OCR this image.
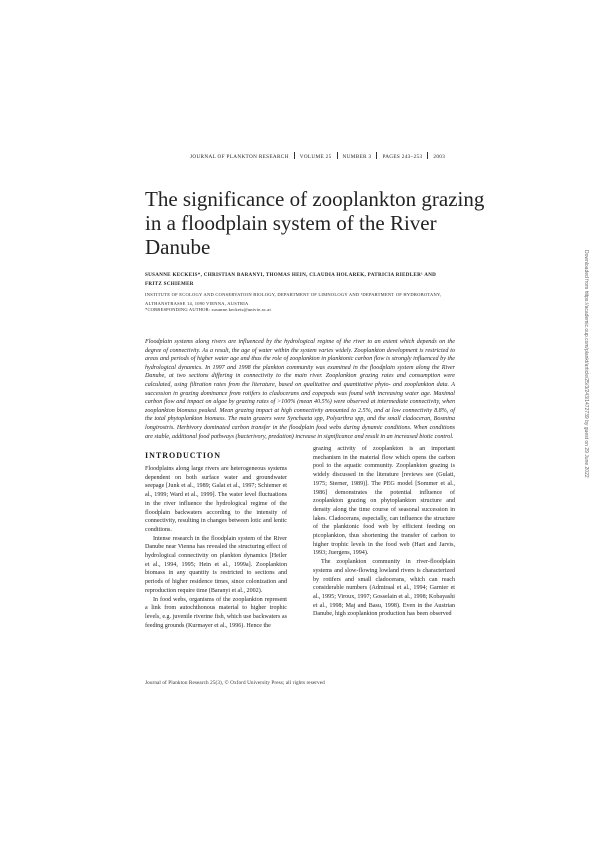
JOURNAL OF PLANKTON RESEARCH VOLUME 25 NUMBER 3 PAGES 243–253 2003
The significance of zooplankton grazing in a floodplain system of the River Danube
SUSANNE KECKEIS*, CHRISTIAN BARANYI, THOMAS HEIN, CLAUDIA HOLAREK, PATRICIA RIEDLER¹ AND FRITZ SCHIEMER
INSTITUTE OF ECOLOGY AND CONSERVATION BIOLOGY, DEPARTMENT OF LIMNOLOGY AND ¹DEPARTMENT OF HYDROBOTANY, ALTHANSTRASSE 14, 1090 VIENNA, AUSTRIA
*CORRESPONDING AUTHOR: susanne.keckeis@univie.ac.at
Floodplain systems along rivers are influenced by the hydrological regime of the river to an extent which depends on the degree of connectivity. As a result, the age of water within the system varies widely. Zooplankton development is restricted to areas and periods of higher water age and thus the role of zooplankton in planktonic carbon flow is strongly influenced by the hydrological dynamics. In 1997 and 1998 the plankton community was examined in the floodplain system along the River Danube, at two sections differing in connectivity to the main river. Zooplankton grazing rates and consumption were calculated, using filtration rates from the literature, based on qualitative and quantitative phyto- and zooplankton data. A succession in grazing dominance from rotifers to cladocerans and copepods was found with increasing water age. Maximal carbon flow and impact on algae by grazing rates of >100% (mean 40.5%) were observed at intermediate connectivity, when zooplankton biomass peaked. Mean grazing impact at high connectivity amounted to 2.5%, and at low connectivity 8.8%, of the total phytoplankton biomass. The main grazers were Synchaeta spp, Polyarthra spp, and the small cladoceran, Bosmina longirostris. Herbivory dominated carbon transfer in the floodplain food webs during dynamic conditions. When conditions are stable, additional food pathways (bacterivory, predation) increase in significance and result in an increased biotic control.
INTRODUCTION

Floodplains along large rivers are heterogeneous systems dependent on both surface water and groundwater seepage [Junk et al., 1989; Galat et al., 1997; Schiemer et al., 1999; Ward et al., 1999]. The water level fluctuations in the river influence the hydrological regime of the floodplain backwaters according to the intensity of connectivity, resulting in changes between lotic and lentic conditions.

Intense research in the floodplain system of the River Danube near Vienna has revealed the structuring effect of hydrological connectivity on plankton dynamics [Heiler et al., 1994, 1995; Hein et al., 1999a]. Zooplankton biomass in any quantity is restricted to sections and periods of higher residence times, since colonization and reproduction require time (Baranyi et al., 2002).

In food webs, organisms of the zooplankton represent a link from autochthonous material to higher trophic levels, e.g. juvenile riverine fish, which use backwaters as feeding grounds (Kurmayer et al., 1996). Hence the

grazing activity of zooplankton is an important mechanism in the material flow which opens the carbon pool to the aquatic community. Zooplankton grazing is widely discussed in the literature [reviews see (Gulati, 1975; Sterner, 1989)]. The PEG model [Sommer et al., 1986] demonstrates the potential influence of zooplankton grazing on phytoplankton structure and density along the time course of seasonal succession in lakes. Cladocerans, especially, can influence the structure of the planktonic food web by efficient feeding on picoplankton, thus shortening the transfer of carbon to higher trophic levels in the food web (Hart and Jarvis, 1993; Juergens, 1994).

The zooplankton community in river-floodplain systems and slow-flowing lowland rivers is characterized by rotifers and small cladocerans, which can reach considerable numbers (Admiraal et al., 1994; Garnier et al., 1995; Viroux, 1997; Gosselain et al., 1998; Kobayashi et al., 1998; Maj and Basu, 1998). Even in the Austrian Danube, high zooplankton production has been observed

Journal of Plankton Research 25(3), © Oxford University Press; all rights reserved
Downloaded from https://academic.oup.com/plankt/article/25/3/243/1472739 by guest on 29 June 2022
